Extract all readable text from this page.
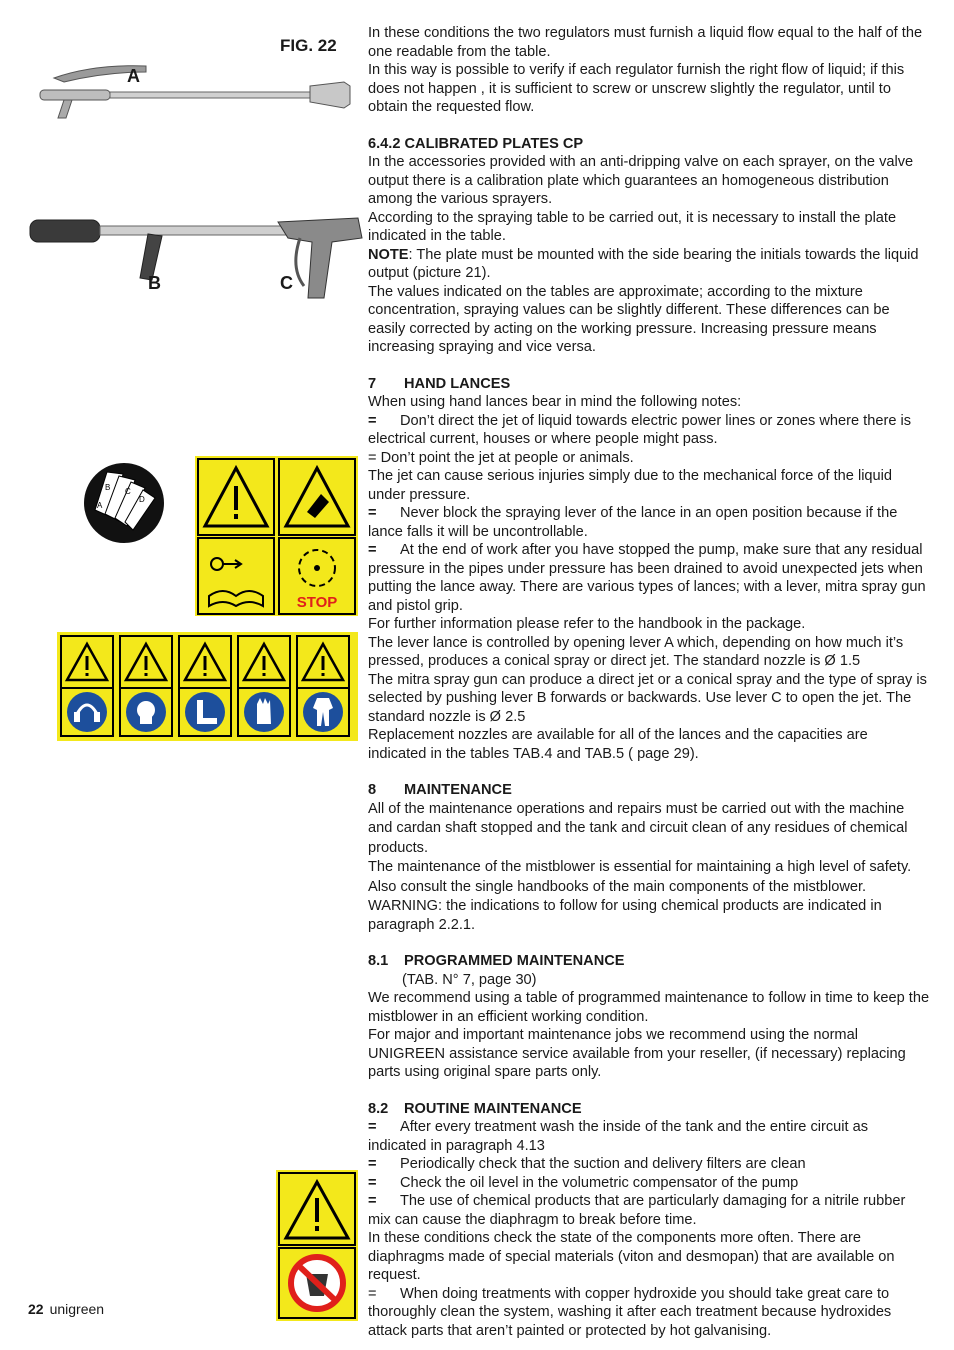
FIG. 22
A
B	C
A
B C
D
STOP
22 unigreen

In these conditions the two regulators must furnish a liquid flow equal to the half of the one readable from the table.

In this way is possible to verify if each regulator furnish the right flow of liquid; if this does not happen , it is sufficient to screw or unscrew slightly the regulator, until to obtain the requested flow.

6.4.2 CALIBRATED PLATES CP

In the accessories provided with an anti-dripping valve on each sprayer, on the valve output there is a calibration plate which guarantees an homogeneous distribution among the various sprayers.

According to the spraying table to be carried out, it is necessary to install the plate indicated in the table.

NOTE: The plate must be mounted with the side bearing the initials towards the liquid output (picture 21).

The values indicated on the tables are approximate; according to the mixture concentration, spraying values can be slightly different. These differences can be easily corrected by acting on the working pressure. Increasing pressure means increasing spraying and vice versa.

7 HAND LANCES

When using hand lances bear in mind the following notes:

= Don’t direct the jet of liquid towards electric power lines or zones where there is electrical current, houses or where people might pass.

= Don’t point the jet at people or animals.

The jet can cause serious injuries simply due to the mechanical force of the liquid under pressure.

= Never block the spraying lever of the lance in an open position because if the lance falls it will be uncontrollable.

= At the end of work after you have stopped the pump, make sure that any residual pressure in the pipes under pressure has been drained to avoid unexpected jets when putting the lance away. There are various types of lances; with a lever, mitra spray gun and pistol grip.

For further information please refer to the handbook in the package.

The lever lance is controlled by opening lever A which, depending on how much it’s pressed, produces a conical spray or direct jet. The standard nozzle is Ø 1.5

The mitra spray gun can produce a direct jet or a conical spray and the type of spray is selected by pushing lever B forwards or backwards. Use lever C to open the jet. The standard nozzle is Ø 2.5

Replacement nozzles are available for all of the lances and the capacities are indicated in the tables TAB.4 and TAB.5 ( page 29).

8 MAINTENANCE

All of the maintenance operations and repairs must be carried out with the machine and cardan shaft stopped and the tank and circuit clean of any residues of chemical products.

The maintenance of the mistblower is essential for maintaining a high level of safety. Also consult the single handbooks of the main components of the mistblower.

WARNING: the indications to follow for using chemical products are indicated in paragraph 2.2.1.

8.1 PROGRAMMED MAINTENANCE

(TAB. N° 7, page 30)

We recommend using a table of programmed maintenance to follow in time to keep the mistblower in an efficient working condition.

For major and important maintenance jobs we recommend using the normal UNIGREEN assistance service available from your reseller, (if necessary) replacing parts using original spare parts only.

8.2 ROUTINE MAINTENANCE

= After every treatment wash the inside of the tank and the entire circuit as indicated in paragraph 4.13

= Periodically check that the suction and delivery filters are clean

= Check the oil level in the volumetric compensator of the pump

= The use of chemical products that are particularly damaging for a nitrile rubber mix can cause the diaphragm to break before time.

In these conditions check the state of the components more often. There are diaphragms made of special materials (viton and desmopan) that are available on request.

= When doing treatments with copper hydroxide you should take great care to thoroughly clean the system, washing it after each treatment because hydroxides attack parts that aren’t painted or protected by hot galvanising.
